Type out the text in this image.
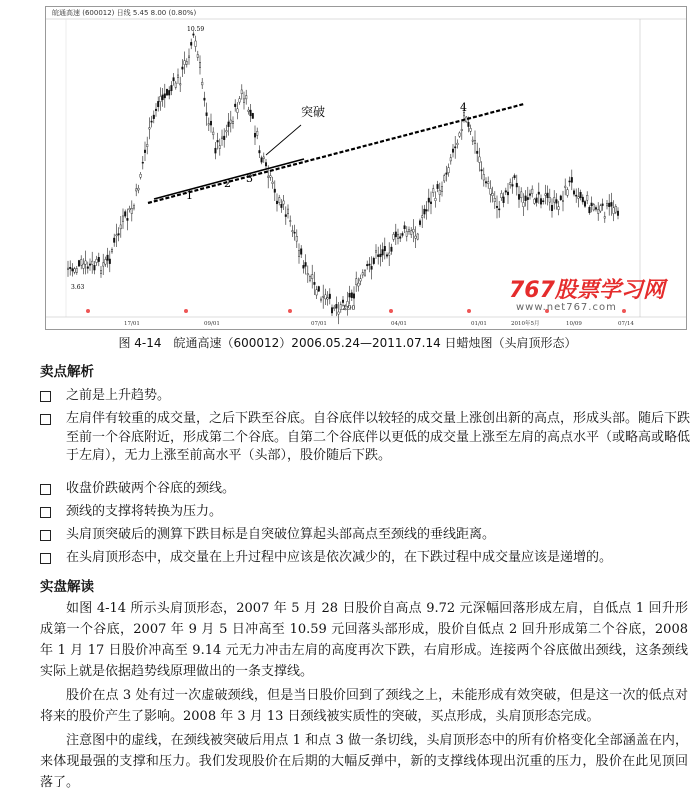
皖通高速 (600012) 日线 5.45 8.00 (0.80%)
突破
1
2 3
4
10.59
2.90
3.63
17/01	09/01	07/01	04/01	01/01	2010年5月	10/09	07/14
767股票学习网
www.net767.com
图 4-14　皖通高速（600012）2006.05.24—2011.07.14 日蜡烛图（头肩顶形态）
卖点解析
之前是上升趋势。
左肩伴有较重的成交量，之后下跌至谷底。自谷底伴以较轻的成交量上涨创出新的高点，形成头部。随后下跌至前一个谷底附近，形成第二个谷底。自第二个谷底伴以更低的成交量上涨至左肩的高点水平（或略高或略低于左肩），无力上涨至前高水平（头部），股价随后下跌。
收盘价跌破两个谷底的颈线。
颈线的支撑将转换为压力。
头肩顶突破后的测算下跌目标是自突破位算起头部高点至颈线的垂线距离。
在头肩顶形态中，成交量在上升过程中应该是依次减少的，在下跌过程中成交量应该是递增的。
实盘解读
如图 4-14 所示头肩顶形态，2007 年 5 月 28 日股价自高点 9.72 元深幅回落形成左肩，自低点 1 回升形成第一个谷底，2007 年 9 月 5 日冲高至 10.59 元回落头部形成，股价自低点 2 回升形成第二个谷底，2008 年 1 月 17 日股价冲高至 9.14 元无力冲击左肩的高度再次下跌，右肩形成。连接两个谷底做出颈线，这条颈线实际上就是依据趋势线原理做出的一条支撑线。
股价在点 3 处有过一次虚破颈线，但是当日股价回到了颈线之上，未能形成有效突破，但是这一次的低点对将来的股价产生了影响。2008 年 3 月 13 日颈线被实质性的突破，买点形成，头肩顶形态完成。
注意图中的虚线，在颈线被突破后用点 1 和点 3 做一条切线，头肩顶形态中的所有价格变化全部涵盖在内，来体现最强的支撑和压力。我们发现股价在后期的大幅反弹中，新的支撑线体现出沉重的压力，股价在此见顶回落了。
